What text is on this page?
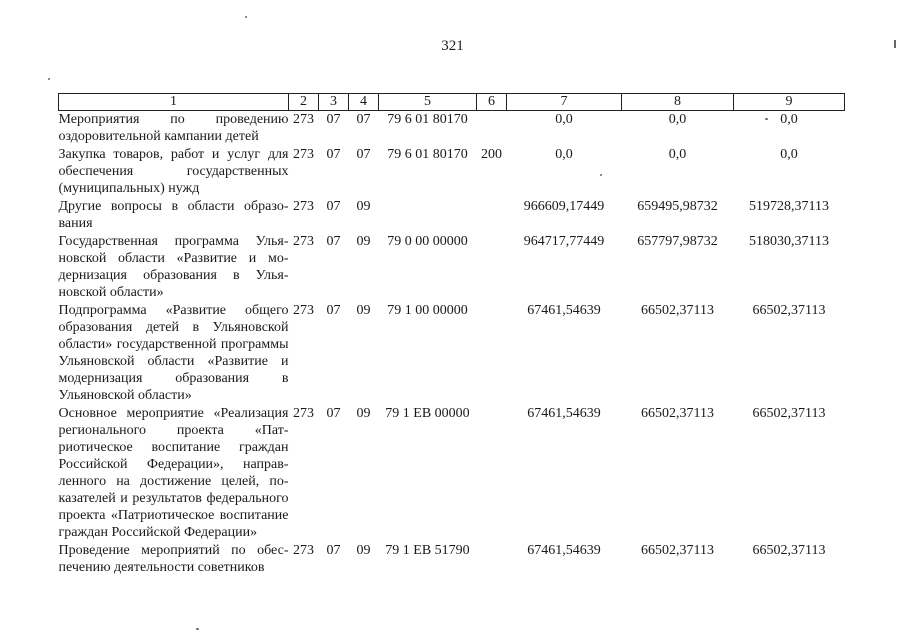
321
1	2	3	4	5	6	7	8	9
Мероприятия по проведению оздоровительной кампании детей	273	07	07	79 6 01 80170		0,0	0,0	0,0
Закупка товаров, работ и услуг для обеспечения государственных (муниципальных) нужд	273	07	07	79 6 01 80170	200	0,0	0,0	0,0
Другие вопросы в области образования	273	07	09			966609,17449	659495,98732	519728,37113
Государственная программа Ульяновской области «Развитие и модернизация образования в Ульяновской области»	273	07	09	79 0 00 00000		964717,77449	657797,98732	518030,37113
Подпрограмма «Развитие общего образования детей в Ульяновской области» государственной программы Ульяновской области «Развитие и модернизация образования в Ульяновской области»	273	07	09	79 1 00 00000		67461,54639	66502,37113	66502,37113
Основное мероприятие «Реализация регионального проекта «Патриотическое воспитание граждан Российской Федерации», направленного на достижение целей, показателей и результатов федерального проекта «Патриотическое воспитание граждан Российской Федерации»	273	07	09	79 1 EB 00000		67461,54639	66502,37113	66502,37113
Проведение мероприятий по обеспечению деятельности советников	273	07	09	79 1 EB 51790		67461,54639	66502,37113	66502,37113
